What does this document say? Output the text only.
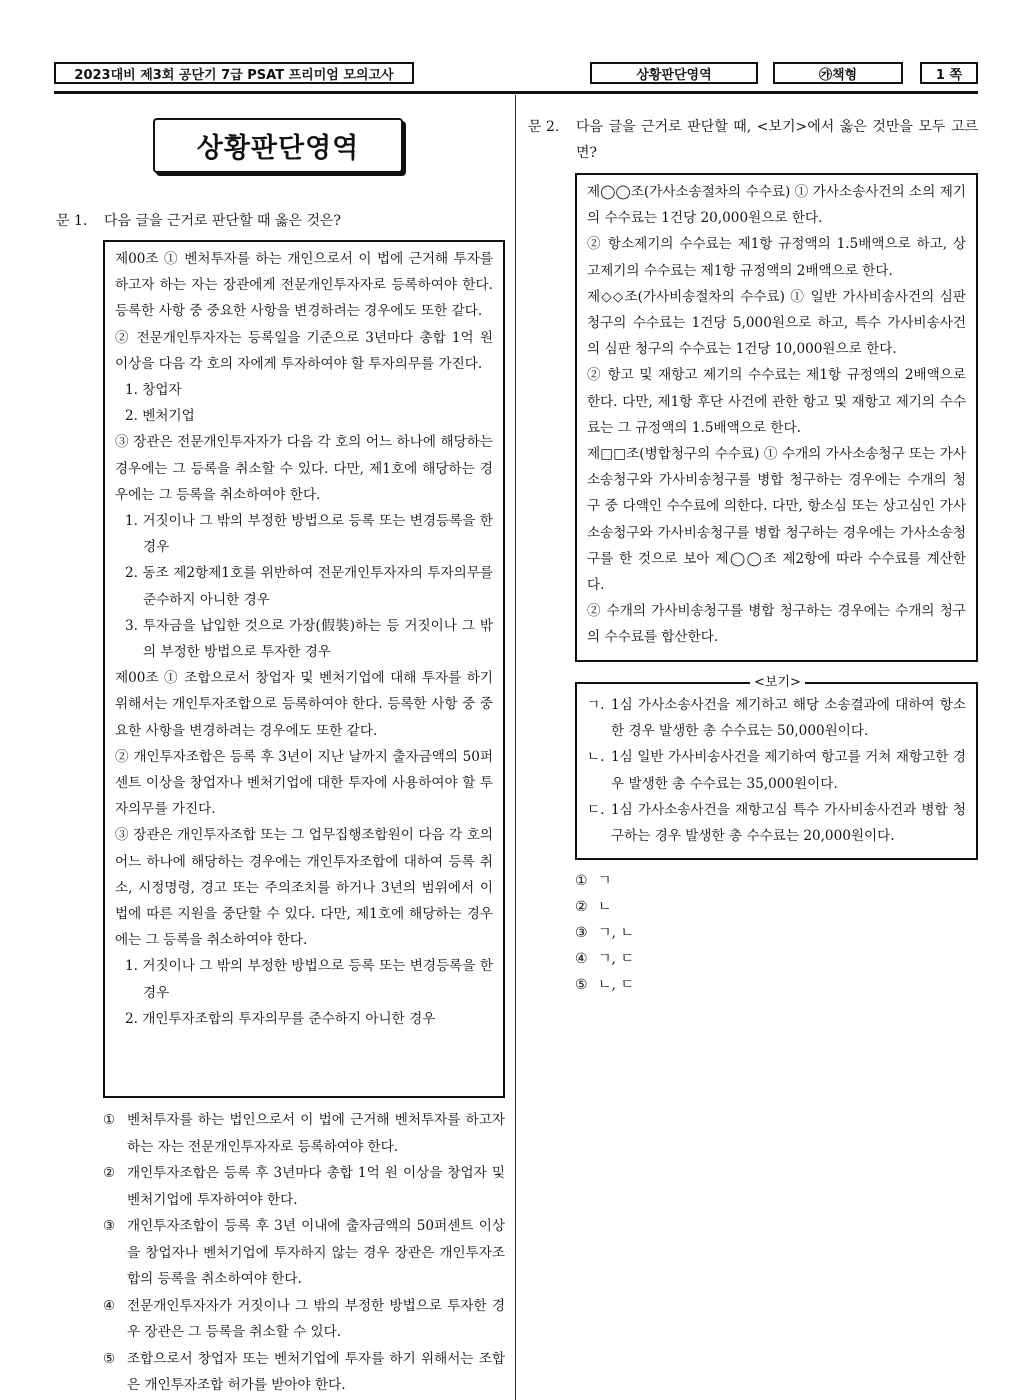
2023대비 제3회 공단기 7급 PSAT 프리미엄 모의고사	상황판단영역	㉮책형	1 쪽
상황판단영역
문 1. 다음 글을 근거로 판단할 때 옳은 것은?

제00조 ① 벤처투자를 하는 개인으로서 이 법에 근거해 투자를 하고자 하는 자는 장관에게 전문개인투자자로 등록하여야 한다. 등록한 사항 중 중요한 사항을 변경하려는 경우에도 또한 같다.

② 전문개인투자자는 등록일을 기준으로 3년마다 총합 1억 원 이상을 다음 각 호의 자에게 투자하여야 할 투자의무를 가진다.

1. 창업자

2. 벤처기업

③ 장관은 전문개인투자자가 다음 각 호의 어느 하나에 해당하는 경우에는 그 등록을 취소할 수 있다. 다만, 제1호에 해당하는 경우에는 그 등록을 취소하여야 한다.

1. 거짓이나 그 밖의 부정한 방법으로 등록 또는 변경등록을 한 경우

2. 동조 제2항제1호를 위반하여 전문개인투자자의 투자의무를 준수하지 아니한 경우

3. 투자금을 납입한 것으로 가장(假裝)하는 등 거짓이나 그 밖의 부정한 방법으로 투자한 경우

제00조 ① 조합으로서 창업자 및 벤처기업에 대해 투자를 하기 위해서는 개인투자조합으로 등록하여야 한다. 등록한 사항 중 중요한 사항을 변경하려는 경우에도 또한 같다.

② 개인투자조합은 등록 후 3년이 지난 날까지 출자금액의 50퍼센트 이상을 창업자나 벤처기업에 대한 투자에 사용하여야 할 투자의무를 가진다.

③ 장관은 개인투자조합 또는 그 업무집행조합원이 다음 각 호의 어느 하나에 해당하는 경우에는 개인투자조합에 대하여 등록 취소, 시정명령, 경고 또는 주의조치를 하거나 3년의 범위에서 이 법에 따른 지원을 중단할 수 있다. 다만, 제1호에 해당하는 경우에는 그 등록을 취소하여야 한다.

1. 거짓이나 그 밖의 부정한 방법으로 등록 또는 변경등록을 한 경우

2. 개인투자조합의 투자의무를 준수하지 아니한 경우

① 벤처투자를 하는 법인으로서 이 법에 근거해 벤처투자를 하고자 하는 자는 전문개인투자자로 등록하여야 한다.
② 개인투자조합은 등록 후 3년마다 총합 1억 원 이상을 창업자 및 벤처기업에 투자하여야 한다.
③ 개인투자조합이 등록 후 3년 이내에 출자금액의 50퍼센트 이상을 창업자나 벤처기업에 투자하지 않는 경우 장관은 개인투자조합의 등록을 취소하여야 한다.
④ 전문개인투자자가 거짓이나 그 밖의 부정한 방법으로 투자한 경우 장관은 그 등록을 취소할 수 있다.
⑤ 조합으로서 창업자 또는 벤처기업에 투자를 하기 위해서는 조합은 개인투자조합 허가를 받아야 한다.
문 2. 다음 글을 근거로 판단할 때, <보기>에서 옳은 것만을 모두 고르면?

제◯◯조(가사소송절차의 수수료) ① 가사소송사건의 소의 제기의 수수료는 1건당 20,000원으로 한다.

② 항소제기의 수수료는 제1항 규정액의 1.5배액으로 하고, 상고제기의 수수료는 제1항 규정액의 2배액으로 한다.

제◇◇조(가사비송절차의 수수료) ① 일반 가사비송사건의 심판 청구의 수수료는 1건당 5,000원으로 하고, 특수 가사비송사건의 심판 청구의 수수료는 1건당 10,000원으로 한다.

② 항고 및 재항고 제기의 수수료는 제1항 규정액의 2배액으로 한다. 다만, 제1항 후단 사건에 관한 항고 및 재항고 제기의 수수료는 그 규정액의 1.5배액으로 한다.

제□□조(병합청구의 수수료) ① 수개의 가사소송청구 또는 가사소송청구와 가사비송청구를 병합 청구하는 경우에는 수개의 청구 중 다액인 수수료에 의한다. 다만, 항소심 또는 상고심인 가사소송청구와 가사비송청구를 병합 청구하는 경우에는 가사소송청구를 한 것으로 보아 제◯◯조 제2항에 따라 수수료를 계산한다.

② 수개의 가사비송청구를 병합 청구하는 경우에는 수개의 청구의 수수료를 합산한다.

ㄱ. 1심 가사소송사건을 제기하고 해당 소송결과에 대하여 항소한 경우 발생한 총 수수료는 50,000원이다.
ㄴ. 1심 일반 가사비송사건을 제기하여 항고를 거쳐 재항고한 경우 발생한 총 수수료는 35,000원이다.
ㄷ. 1심 가사소송사건을 재항고심 특수 가사비송사건과 병합 청구하는 경우 발생한 총 수수료는 20,000원이다.
<보기>
① ㄱ
② ㄴ
③ ㄱ, ㄴ
④ ㄱ, ㄷ
⑤ ㄴ, ㄷ
